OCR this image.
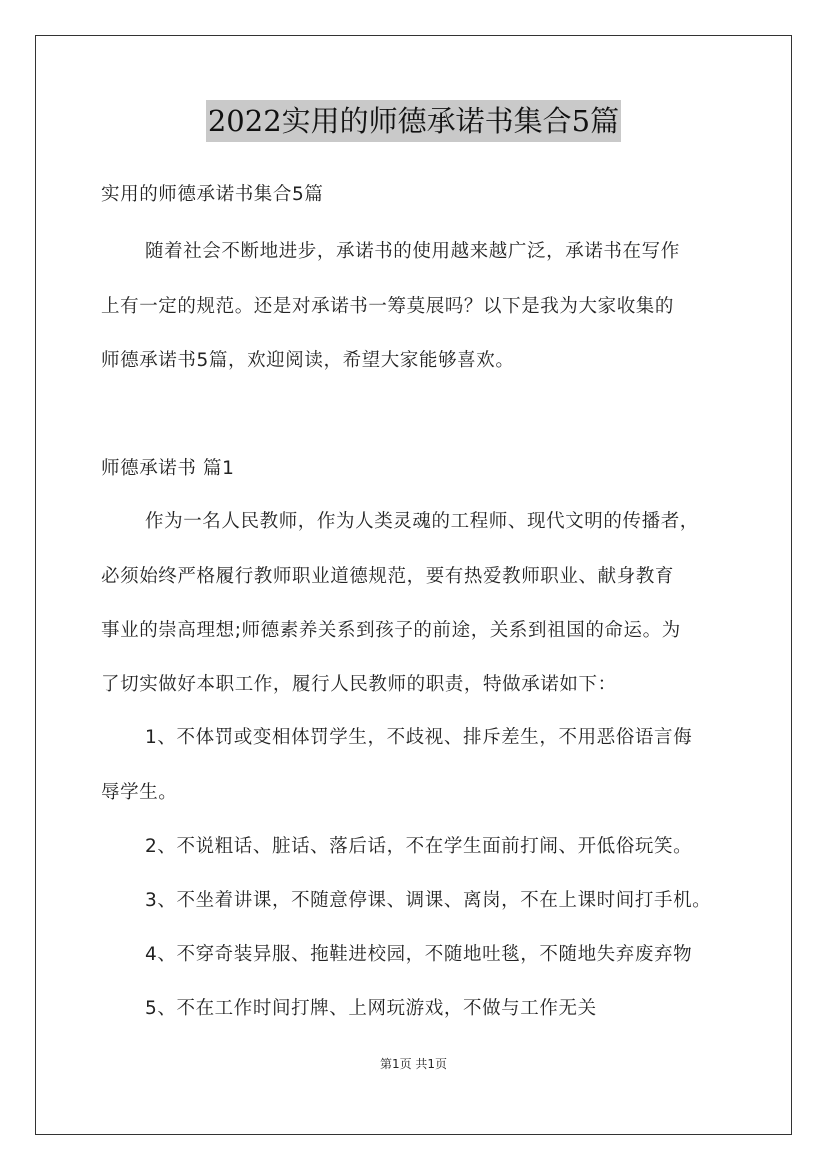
2022实用的师德承诺书集合5篇
实用的师德承诺书集合5篇
随着社会不断地进步，承诺书的使用越来越广泛，承诺书在写作
上有一定的规范。还是对承诺书一筹莫展吗？以下是我为大家收集的
师德承诺书5篇，欢迎阅读，希望大家能够喜欢。
师德承诺书 篇1
作为一名人民教师，作为人类灵魂的工程师、现代文明的传播者，
必须始终严格履行教师职业道德规范，要有热爱教师职业、献身教育
事业的崇高理想;师德素养关系到孩子的前途，关系到祖国的命运。为
了切实做好本职工作，履行人民教师的职责，特做承诺如下：
1、不体罚或变相体罚学生，不歧视、排斥差生，不用恶俗语言侮
辱学生。
2、不说粗话、脏话、落后话，不在学生面前打闹、开低俗玩笑。
3、不坐着讲课，不随意停课、调课、离岗，不在上课时间打手机。
4、不穿奇装异服、拖鞋进校园，不随地吐毯，不随地失弃废弃物
5、不在工作时间打牌、上网玩游戏，不做与工作无关
第1页 共1页
